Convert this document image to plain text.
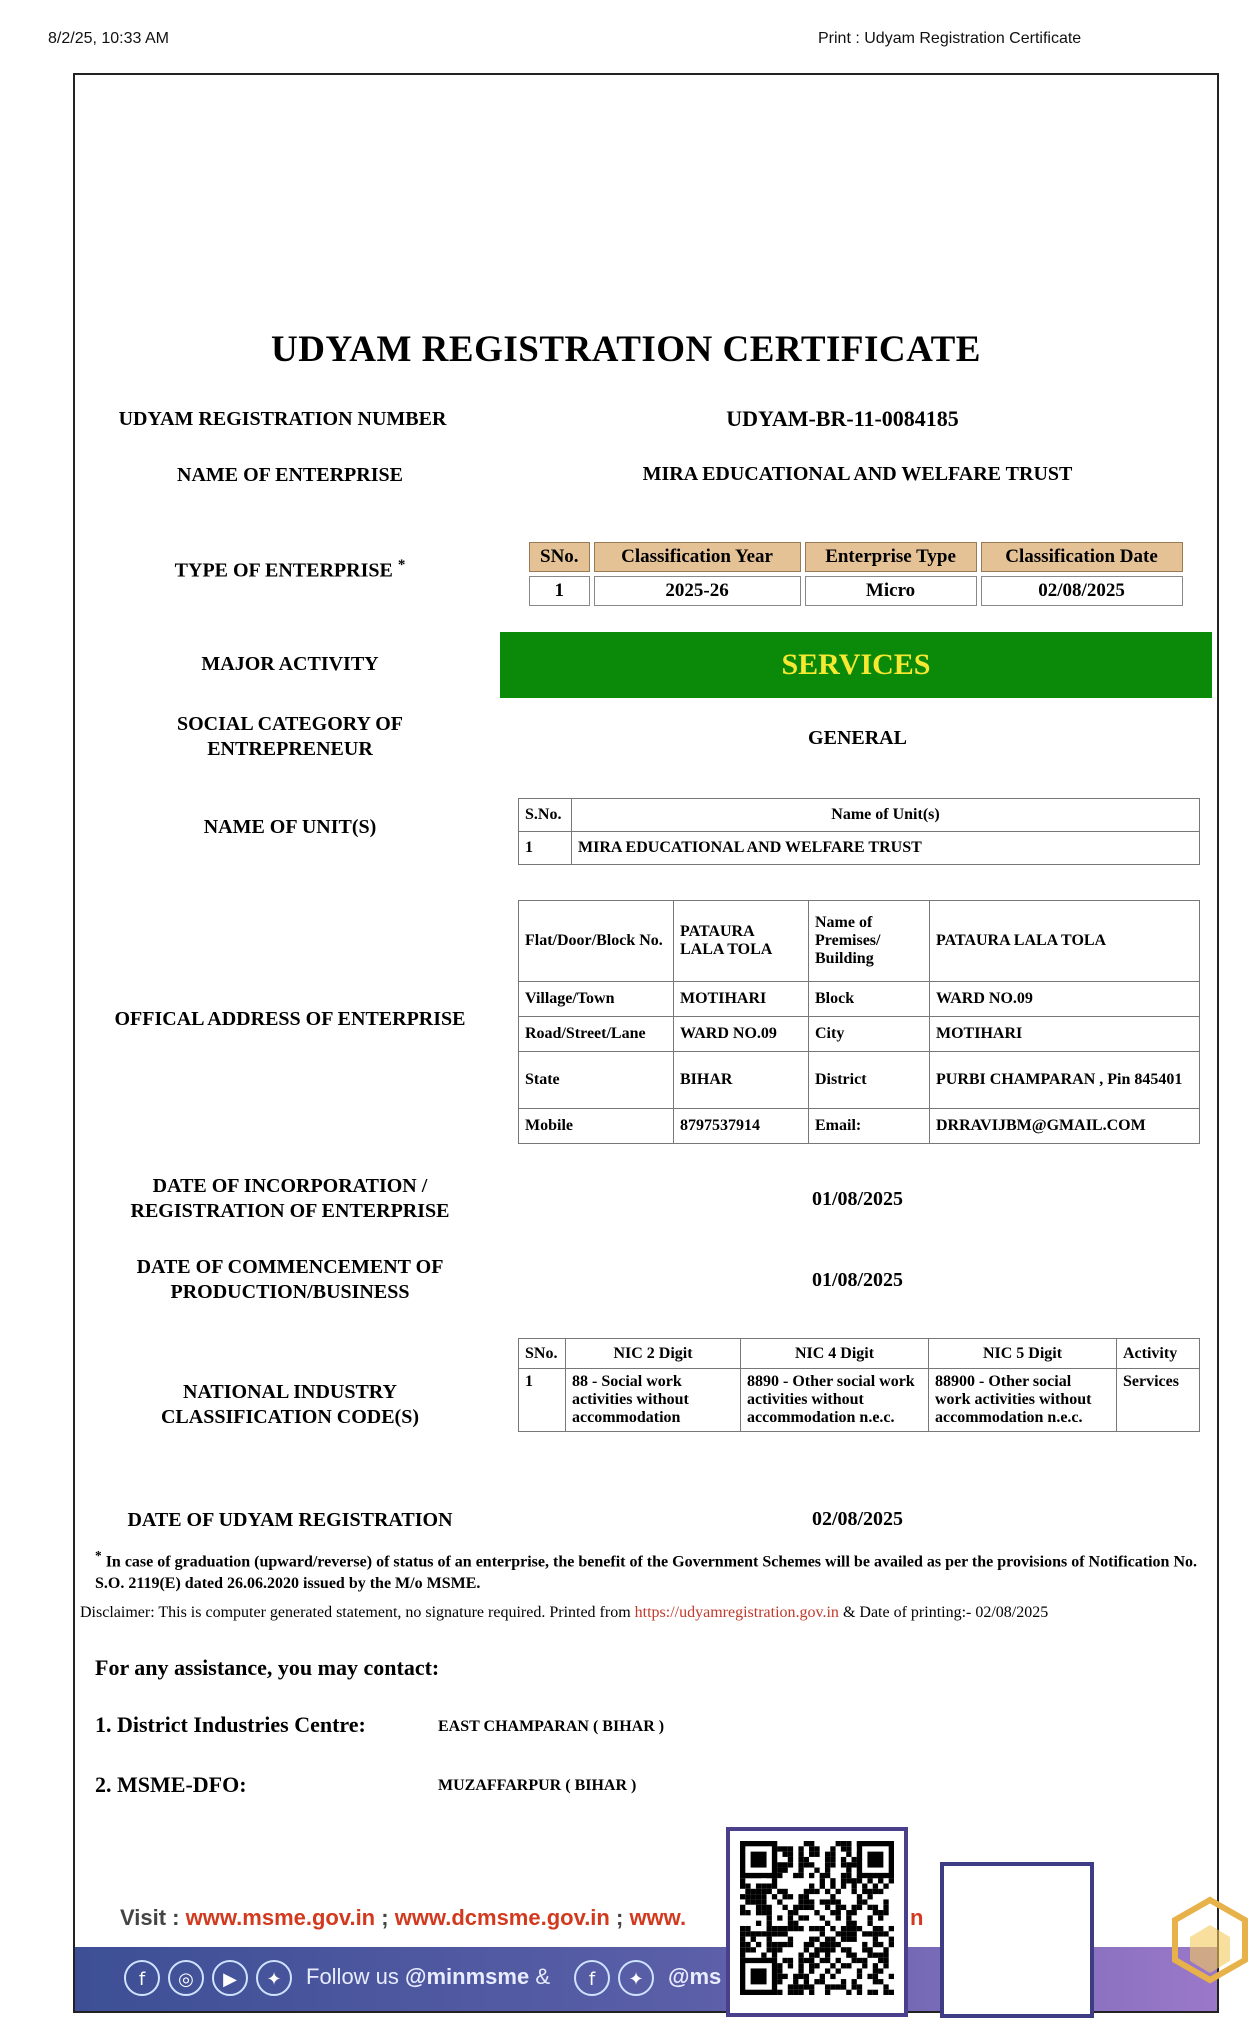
8/2/25, 10:33 AM	Print : Udyam Registration Certificate
UDYAM REGISTRATION CERTIFICATE
UDYAM REGISTRATION NUMBER	UDYAM-BR-11-0084185
NAME OF ENTERPRISE	MIRA EDUCATIONAL AND WELFARE TRUST
TYPE OF ENTERPRISE *	SNo.	Classification Year	Enterprise Type	Classification Date
1	2025-26	Micro	02/08/2025
MAJOR ACTIVITY	SERVICES
SOCIAL CATEGORY OF
ENTREPRENEUR	GENERAL
NAME OF UNIT(S)
S.No.	Name of Unit(s)
1	MIRA EDUCATIONAL AND WELFARE TRUST
OFFICAL ADDRESS OF ENTERPRISE
Flat/Door/Block No.	PATAURA LALA TOLA	Name of Premises/ Building	PATAURA LALA TOLA
Village/Town	MOTIHARI	Block	WARD NO.09
Road/Street/Lane	WARD NO.09	City	MOTIHARI
State	BIHAR	District	PURBI CHAMPARAN , Pin 845401
Mobile	8797537914	Email:	DRRAVIJBM@GMAIL.COM
DATE OF INCORPORATION /
REGISTRATION OF ENTERPRISE
01/08/2025
DATE OF COMMENCEMENT OF
PRODUCTION/BUSINESS
01/08/2025
NATIONAL INDUSTRY
CLASSIFICATION CODE(S)
SNo.	NIC 2 Digit	NIC 4 Digit	NIC 5 Digit	Activity
1	88 - Social work activities without accommodation	8890 - Other social work activities without accommodation n.e.c.	88900 - Other social work activities without accommodation n.e.c.	Services
DATE OF UDYAM REGISTRATION	02/08/2025
* In case of graduation (upward/reverse) of status of an enterprise, the benefit of the Government Schemes will be availed as per the provisions of Notification No. S.O. 2119(E) dated 26.06.2020 issued by the M/o MSME.
Disclaimer: This is computer generated statement, no signature required. Printed from https://udyamregistration.gov.in & Date of printing:- 02/08/2025
For any assistance, you may contact:
1. District Industries Centre:	EAST CHAMPARAN ( BIHAR )
2. MSME-DFO:	MUZAFFARPUR ( BIHAR )
Visit : www.msme.gov.in ; www.dcmsme.gov.in ; www.	n
f	◎	▶	✦	Follow us @minmsme &	f	✦	@ms
